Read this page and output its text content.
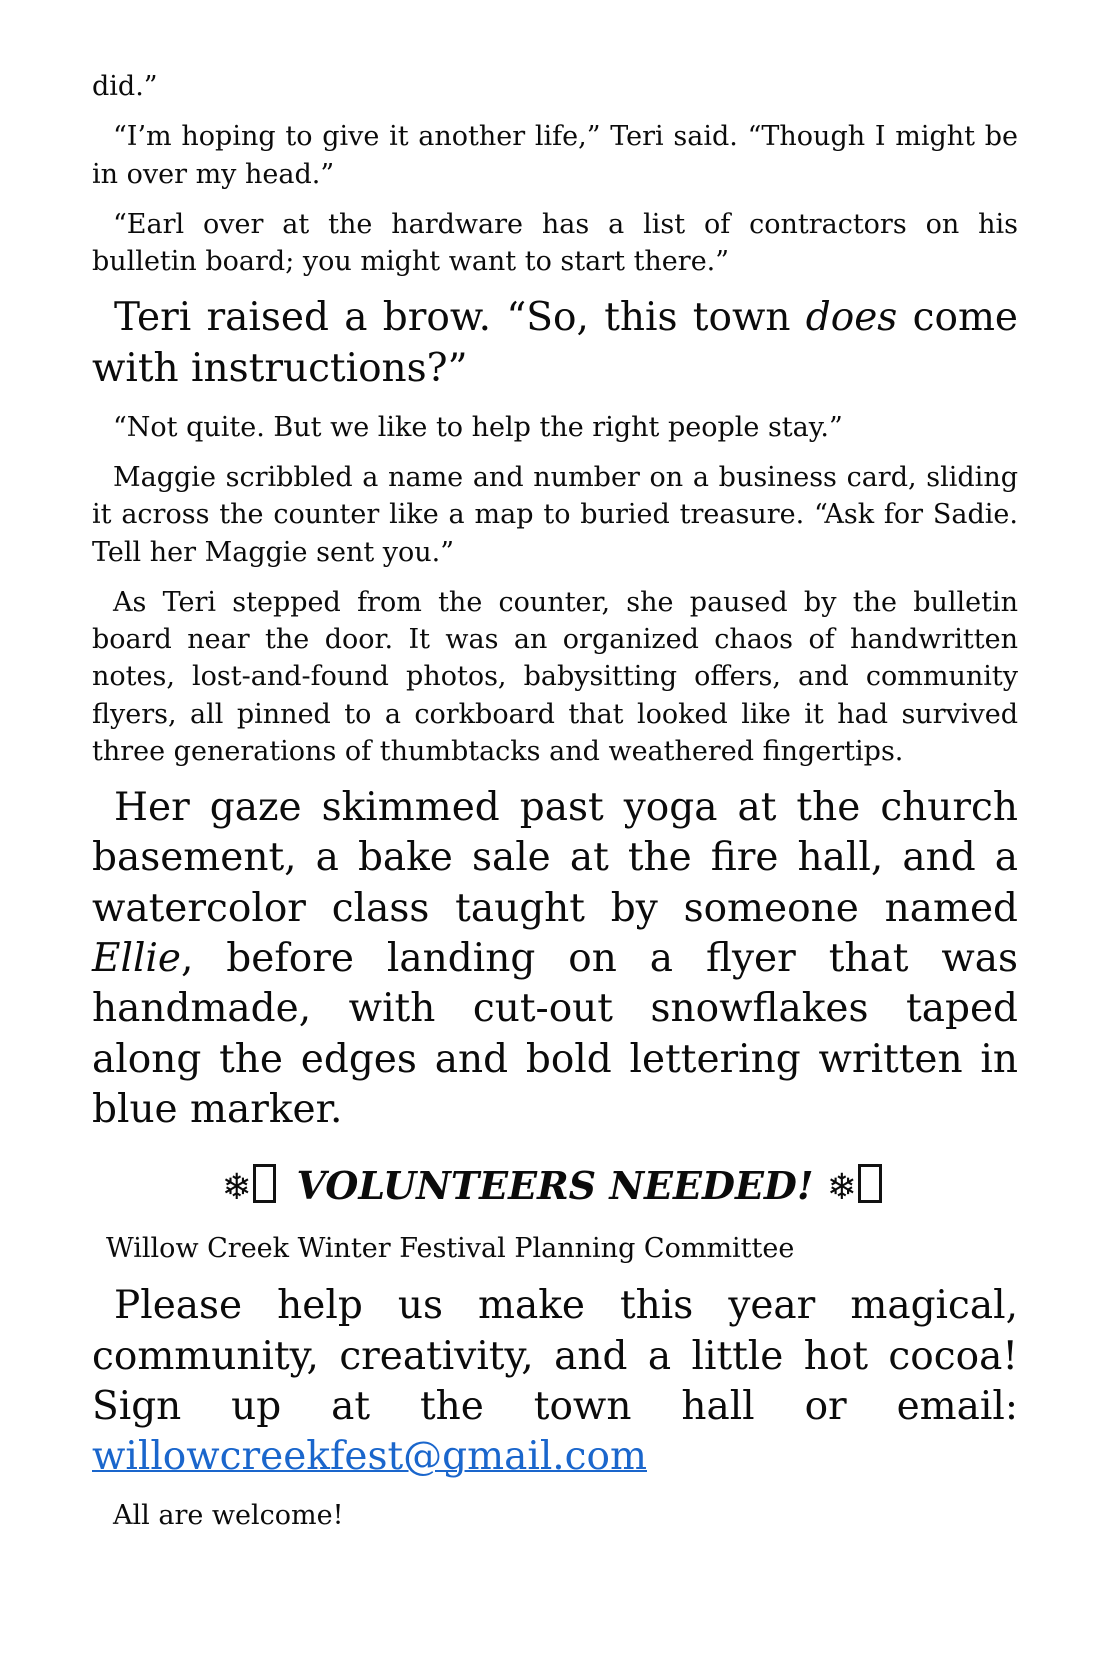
did.”

“I’m hoping to give it another life,” Teri said. “Though I might be in over my head.”

“Earl over at the hardware has a list of contractors on his bulletin board; you might want to start there.”

Teri raised a brow. “So, this town does come with instructions?”

“Not quite. But we like to help the right people stay.”

Maggie scribbled a name and number on a business card, sliding it across the counter like a map to buried treasure. “Ask for Sadie. Tell her Maggie sent you.”

As Teri stepped from the counter, she paused by the bulletin board near the door. It was an organized chaos of handwritten notes, lost-and-found photos, babysitting offers, and community flyers, all pinned to a corkboard that looked like it had survived three generations of thumbtacks and weathered fingertips.

Her gaze skimmed past yoga at the church basement, a bake sale at the fire hall, and a watercolor class taught by someone named Ellie, before landing on a flyer that was handmade, with cut-out snowflakes taped along the edges and bold lettering written in blue marker.

❄ VOLUNTEERS NEEDED! ❄

Willow Creek Winter Festival Planning Committee

Please help us make this year magical, community, creativity, and a little hot cocoa! Sign up at the town hall or email: willowcreekfest@gmail.com

All are welcome!
